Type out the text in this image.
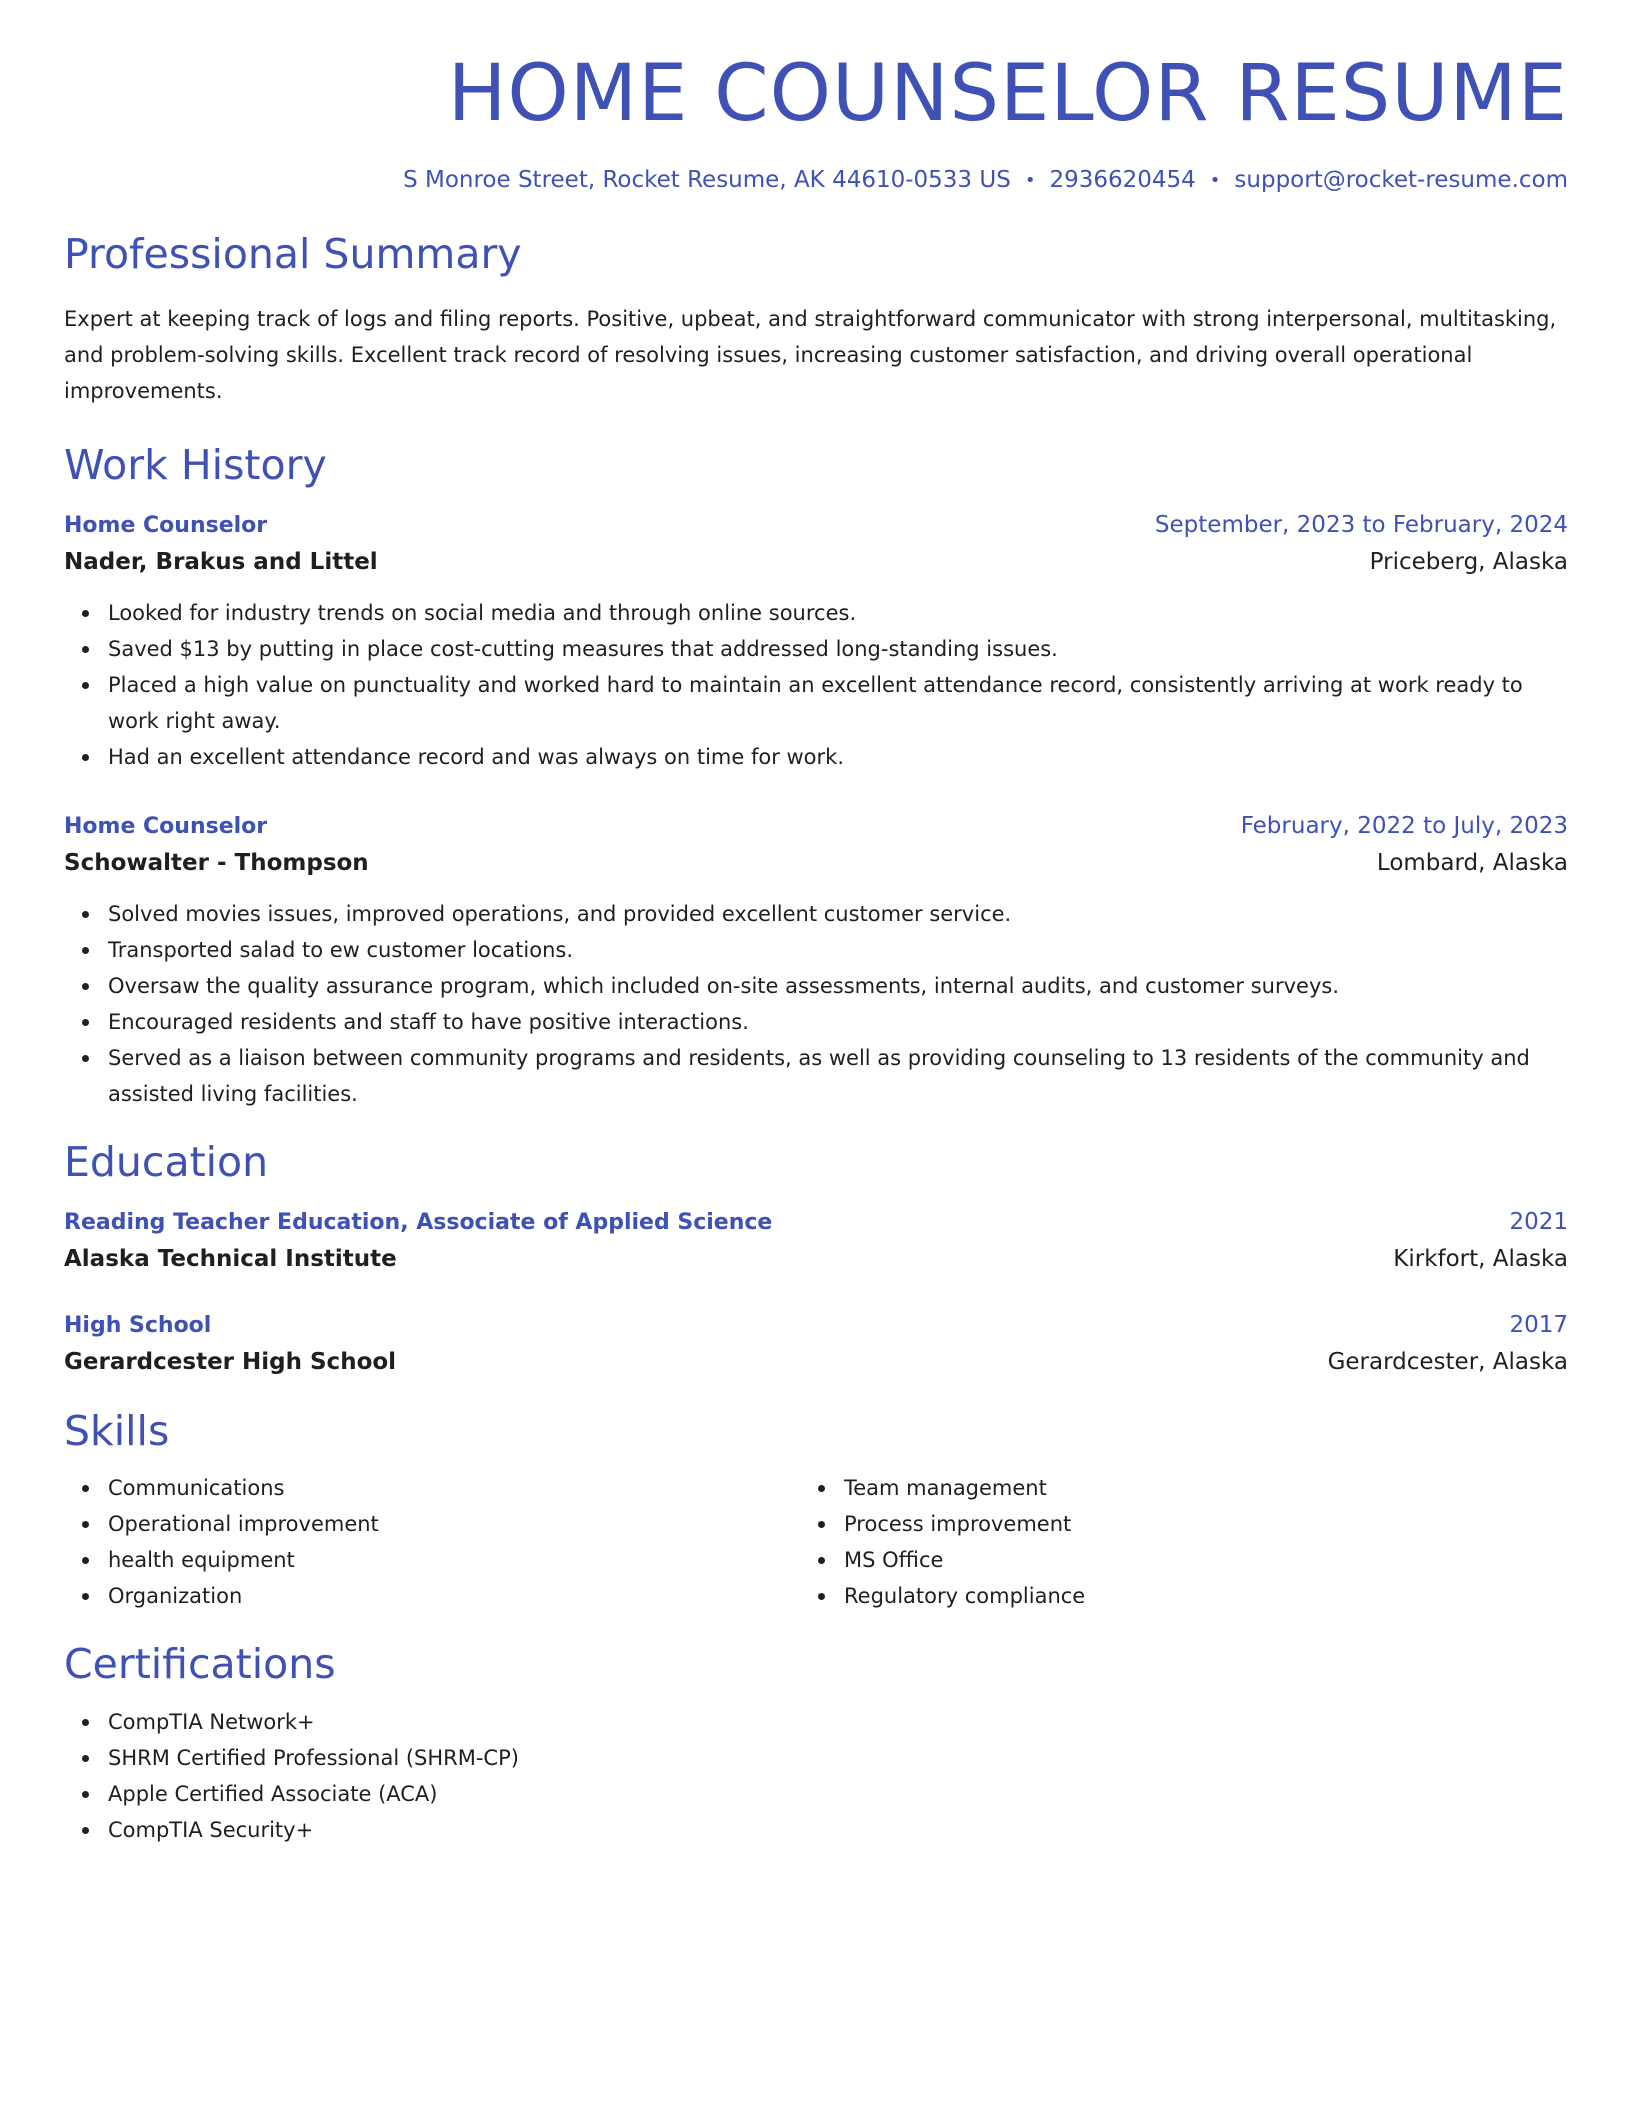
HOME COUNSELOR RESUME
S Monroe Street, Rocket Resume, AK 44610-0533 US • 2936620454 • support@rocket-resume.com
Professional Summary

Expert at keeping track of logs and filing reports. Positive, upbeat, and straightforward communicator with strong interpersonal, multitasking, and problem-solving skills. Excellent track record of resolving issues, increasing customer satisfaction, and driving overall operational improvements.

Work History
Home Counselor	September, 2023 to February, 2024
Nader, Brakus and Littel	Priceberg, Alaska
Looked for industry trends on social media and through online sources.
Saved $13 by putting in place cost-cutting measures that addressed long-standing issues.
Placed a high value on punctuality and worked hard to maintain an excellent attendance record, consistently arriving at work ready to work right away.
Had an excellent attendance record and was always on time for work.
Home Counselor	February, 2022 to July, 2023
Schowalter - Thompson	Lombard, Alaska
Solved movies issues, improved operations, and provided excellent customer service.
Transported salad to ew customer locations.
Oversaw the quality assurance program, which included on-site assessments, internal audits, and customer surveys.
Encouraged residents and staff to have positive interactions.
Served as a liaison between community programs and residents, as well as providing counseling to 13 residents of the community and assisted living facilities.
Education
Reading Teacher Education, Associate of Applied Science	2021
Alaska Technical Institute	Kirkfort, Alaska
High School	2017
Gerardcester High School	Gerardcester, Alaska
Skills
Communications
Operational improvement
health equipment
Organization
Team management
Process improvement
MS Office
Regulatory compliance
Certifications
CompTIA Network+
SHRM Certified Professional (SHRM-CP)
Apple Certified Associate (ACA)
CompTIA Security+
